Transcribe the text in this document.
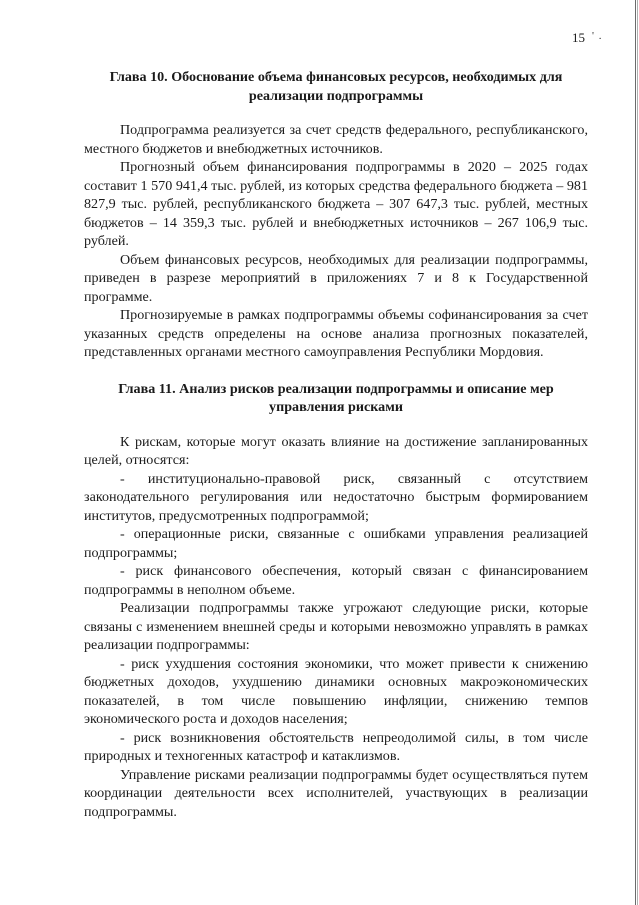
15 ' .
Глава 10. Обоснование объема финансовых ресурсов, необходимых для реализации подпрограммы

Подпрограмма реализуется за счет средств федерального, республиканского, местного бюджетов и внебюджетных источников.

Прогнозный объем финансирования подпрограммы в 2020 – 2025 годах составит 1 570 941,4 тыс. рублей, из которых средства федерального бюджета – 981 827,9 тыс. рублей, республиканского бюджета – 307 647,3 тыс. рублей, местных бюджетов – 14 359,3 тыс. рублей и внебюджетных источников – 267 106,9 тыс. рублей.

Объем финансовых ресурсов, необходимых для реализации подпрограммы, приведен в разрезе мероприятий в приложениях 7 и 8 к Государственной программе.

Прогнозируемые в рамках подпрограммы объемы софинансирования за счет указанных средств определены на основе анализа прогнозных показателей, представленных органами местного самоуправления Республики Мордовия.

Глава 11. Анализ рисков реализации подпрограммы и описание мер управления рисками

К рискам, которые могут оказать влияние на достижение запланированных целей, относятся:

- институционально-правовой риск, связанный с отсутствием законодательного регулирования или недостаточно быстрым формированием институтов, предусмотренных подпрограммой;

- операционные риски, связанные с ошибками управления реализацией подпрограммы;

- риск финансового обеспечения, который связан с финансированием подпрограммы в неполном объеме.

Реализации подпрограммы также угрожают следующие риски, которые связаны с изменением внешней среды и которыми невозможно управлять в рамках реализации подпрограммы:

- риск ухудшения состояния экономики, что может привести к снижению бюджетных доходов, ухудшению динамики основных макроэкономических показателей, в том числе повышению инфляции, снижению темпов экономического роста и доходов населения;

- риск возникновения обстоятельств непреодолимой силы, в том числе природных и техногенных катастроф и катаклизмов.

Управление рисками реализации подпрограммы будет осуществляться путем координации деятельности всех исполнителей, участвующих в реализации подпрограммы.
